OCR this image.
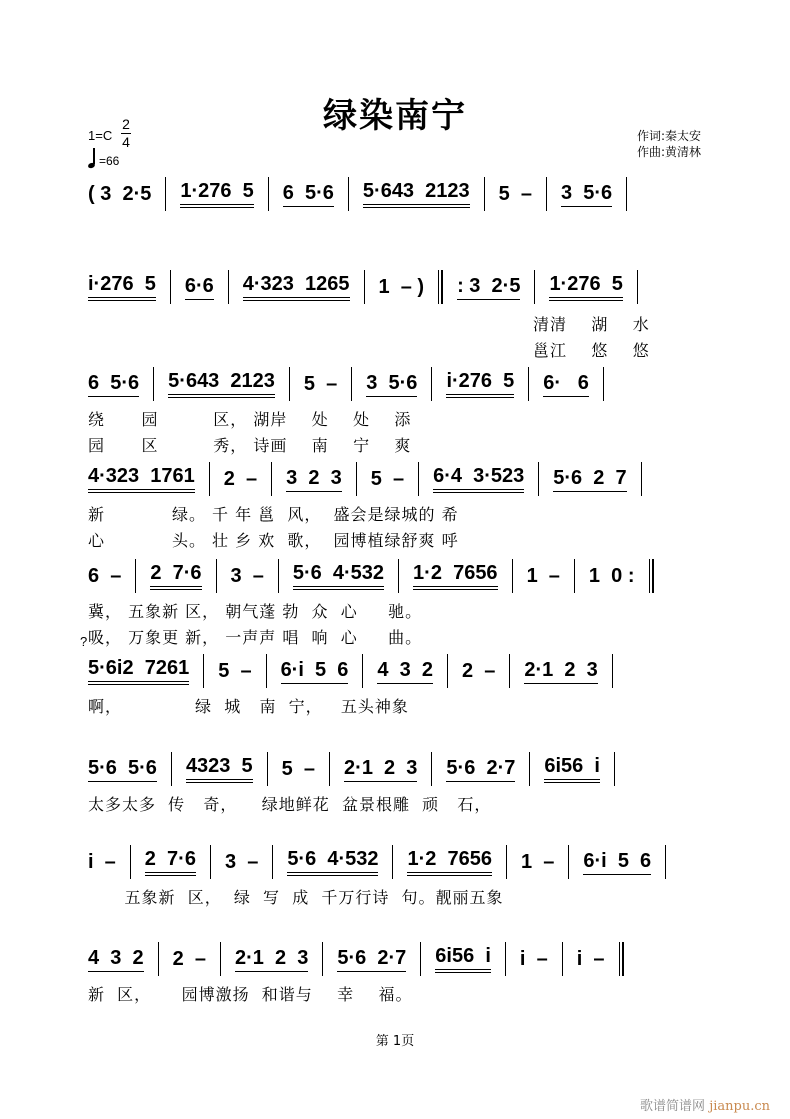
绿染南宁
1=C
2
4
=66
作词:秦太安
作曲:黄清林
( 3  2·5 1·276  5 6  5·6 5·643  2123 5  – 3  5·6
i·276  5 6·6 4·323  1265 1  – ) : 3  2·5 1·276  5
清清    湖    水
邕江    悠    悠
6  5·6 5·643  2123 5  – 3  5·6 i·276  5 6·   6
绕      园         区， 湖岸    处    处    添
园      区         秀， 诗画    南    宁    爽
4·323  1761 2  – 3  2  3 5  – 6·4  3·523 5·6  2  7
新           绿。 千 年 邕  风，  盛会是绿城的 希
心           头。 壮 乡 欢  歌，  园博植绿舒爽 呼
6  – 2  7·6 3  – 5·6  4·532 1·2  7656 1  – 1  0 :
冀， 五象新 区， 朝气蓬 勃  众  心     驰。
吸， 万象更 新， 一声声 唱  响  心     曲。
?
5·6i2  7261 5  – 6·i  5  6 4  3  2 2  – 2·1  2  3
啊，            绿  城   南  宁，   五头神象
5·6  5·6 4323  5 5  – 2·1  2  3 5·6  2·7 6i56  i
太多太多  传   奇，    绿地鲜花  盆景根雕  顽   石，
i  – 2  7·6 3  – 5·6  4·532 1·2  7656 1  – 6·i  5  6
五象新  区，  绿  写  成  千万行诗  句。靓丽五象
4  3  2 2  – 2·1  2  3 5·6  2·7 6i56  i i  – i  –
新  区，     园博激扬  和谐与    幸    福。
第 1页
歌谱简谱网 jianpu.cn
